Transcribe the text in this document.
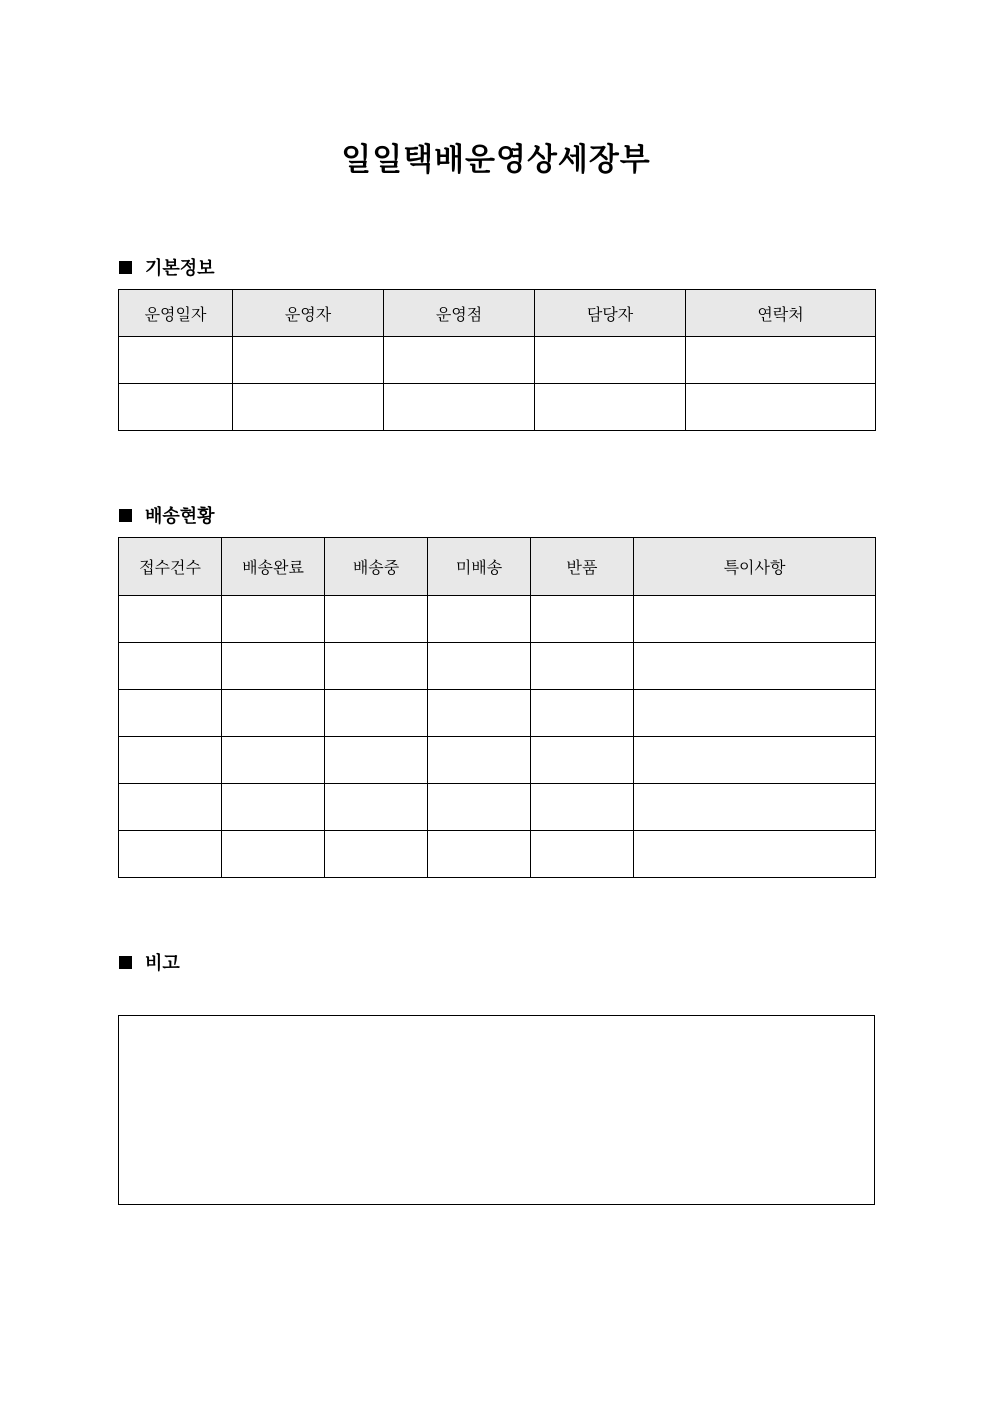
일일택배운영상세장부
기본정보
운영일자	운영자	운영점	담당자	연락처

배송현황
접수건수	배송완료	배송중	미배송	반품	특이사항

비고
